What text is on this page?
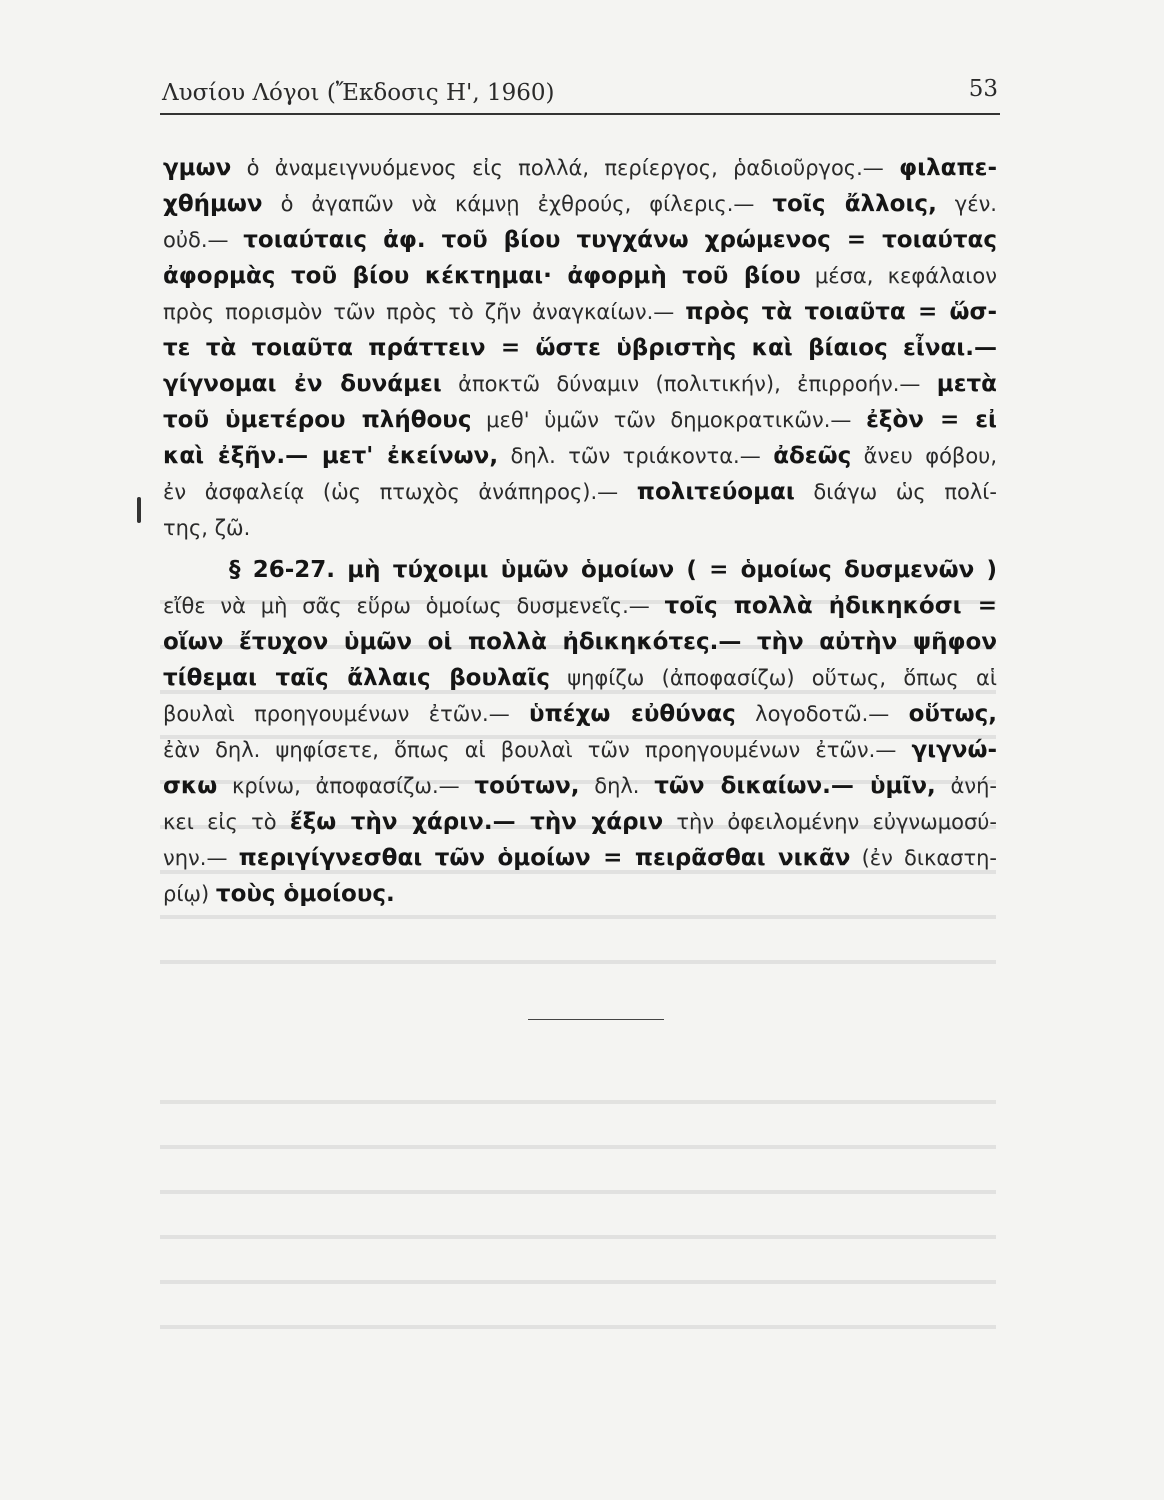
Λυσίου Λόγοι (Ἔκδοσις Η', 1960)	53
γμων ὁ ἀναμειγνυόμενος εἰς πολλά, περίεργος, ῥαδιοῦργος.— φιλαπε-
χθήμων ὁ ἀγαπῶν νὰ κάμνῃ ἐχθρούς, φίλερις.— τοῖς ἄλλοις, γέν.
οὐδ.— τοιαύταις ἀφ. τοῦ βίου τυγχάνω χρώμενος = τοιαύτας
ἀφορμὰς τοῦ βίου κέκτημαι· ἀφορμὴ τοῦ βίου μέσα, κεφάλαιον
πρὸς πορισμὸν τῶν πρὸς τὸ ζῆν ἀναγκαίων.— πρὸς τὰ τοιαῦτα = ὥσ-
τε τὰ τοιαῦτα πράττειν = ὥστε ὑβριστὴς καὶ βίαιος εἶναι.—
γίγνομαι ἐν δυνάμει ἀποκτῶ δύναμιν (πολιτικήν), ἐπιρροήν.— μετὰ
τοῦ ὑμετέρου πλήθους μεθ' ὑμῶν τῶν δημοκρατικῶν.— ἐξὸν = εἰ
καὶ ἐξῆν.— μετ' ἐκείνων, δηλ. τῶν τριάκοντα.— ἀδεῶς ἄνευ φόβου,
ἐν ἀσφαλείᾳ (ὡς πτωχὸς ἀνάπηρος).— πολιτεύομαι διάγω ὡς πολί-
της, ζῶ.
§ 26-27. μὴ τύχοιμι ὑμῶν ὁμοίων ( = ὁμοίως δυσμενῶν )
εἴθε νὰ μὴ σᾶς εὕρω ὁμοίως δυσμενεῖς.— τοῖς πολλὰ ἠδικηκόσι =
οἵων ἔτυχον ὑμῶν οἱ πολλὰ ἠδικηκότες.— τὴν αὐτὴν ψῆφον
τίθεμαι ταῖς ἄλλαις βουλαῖς ψηφίζω (ἀποφασίζω) οὕτως, ὅπως αἱ
βουλαὶ προηγουμένων ἐτῶν.— ὑπέχω εὐθύνας λογοδοτῶ.— οὕτως,
ἐὰν δηλ. ψηφίσετε, ὅπως αἱ βουλαὶ τῶν προηγουμένων ἐτῶν.— γιγνώ-
σκω κρίνω, ἀποφασίζω.— τούτων, δηλ. τῶν δικαίων.— ὑμῖν, ἀνή-
κει εἰς τὸ ἔξω τὴν χάριν.— τὴν χάριν τὴν ὀφειλομένην εὐγνωμοσύ-
νην.— περιγίγνεσθαι τῶν ὁμοίων = πειρᾶσθαι νικᾶν (ἐν δικαστη-
ρίῳ) τοὺς ὁμοίους.
